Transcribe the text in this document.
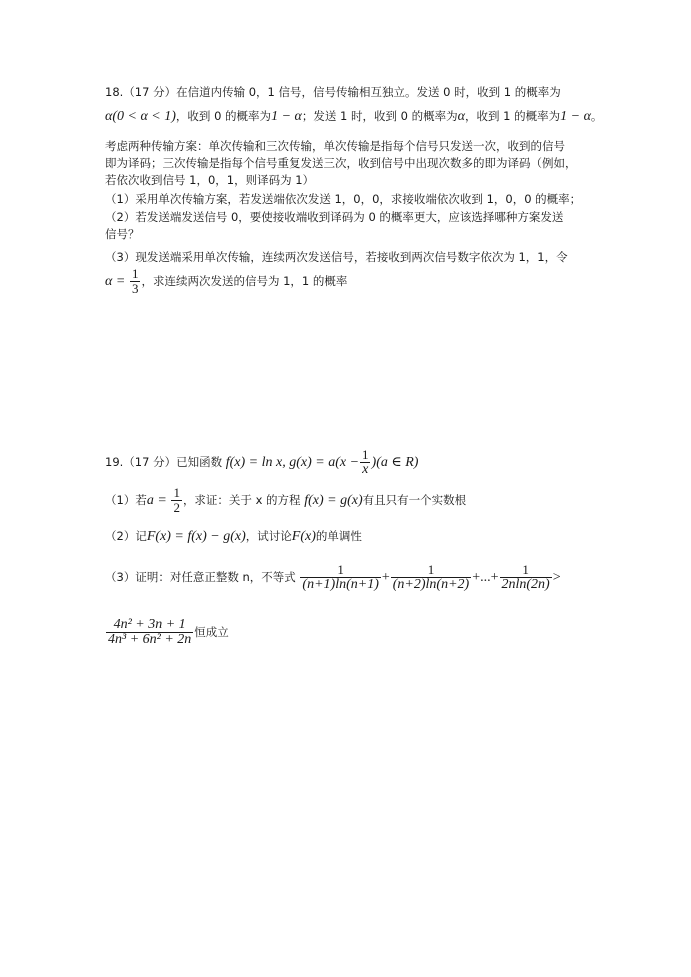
18.（17 分）在信道内传输 0，1 信号，信号传输相互独立。发送 0 时，收到 1 的概率为
α(0 < α < 1)，收到 0 的概率为1 − α；发送 1 时，收到 0 的概率为α，收到 1 的概率为1 − α。
考虑两种传输方案：单次传输和三次传输，单次传输是指每个信号只发送一次，收到的信号
即为译码；三次传输是指每个信号重复发送三次，收到信号中出现次数多的即为译码（例如，
若依次收到信号 1，0，1，则译码为 1）
（1）采用单次传输方案，若发送端依次发送 1，0，0，求接收端依次收到 1，0，0 的概率；
（2）若发送端发送信号 0，要使接收端收到译码为 0 的概率更大，应该选择哪种方案发送
信号？
（3）现发送端采用单次传输，连续两次发送信号，若接收到两次信号数字依次为 1，1，令
$\alpha = \frac{1}{3}$ ，求连续两次发送的信号为 1，1 的概率
19.（17 分）已知函数 f(x) = ln x, $g(x) = a(x - \frac{1}{x} )(a$ ∈ R)
（1）若$a = \frac{1}{2}$ ，求证：关于 x 的方程 f(x) = g(x)有且只有一个实数根
（2）记F(x) = f(x) − g(x)，试讨论F(x)的单调性
（3）证明：对任意正整数 n，不等式 $\frac{1}{(n+1)\ln(n+1)} + \frac{1}{(n+2)\ln(n+2)}$ +...+ $\frac{1}{2nln(2n)}$ >
$\frac{\text{4n² + 3n + 1}}{\text{4n³ + 6n² + 2n}}$ 恒成立
